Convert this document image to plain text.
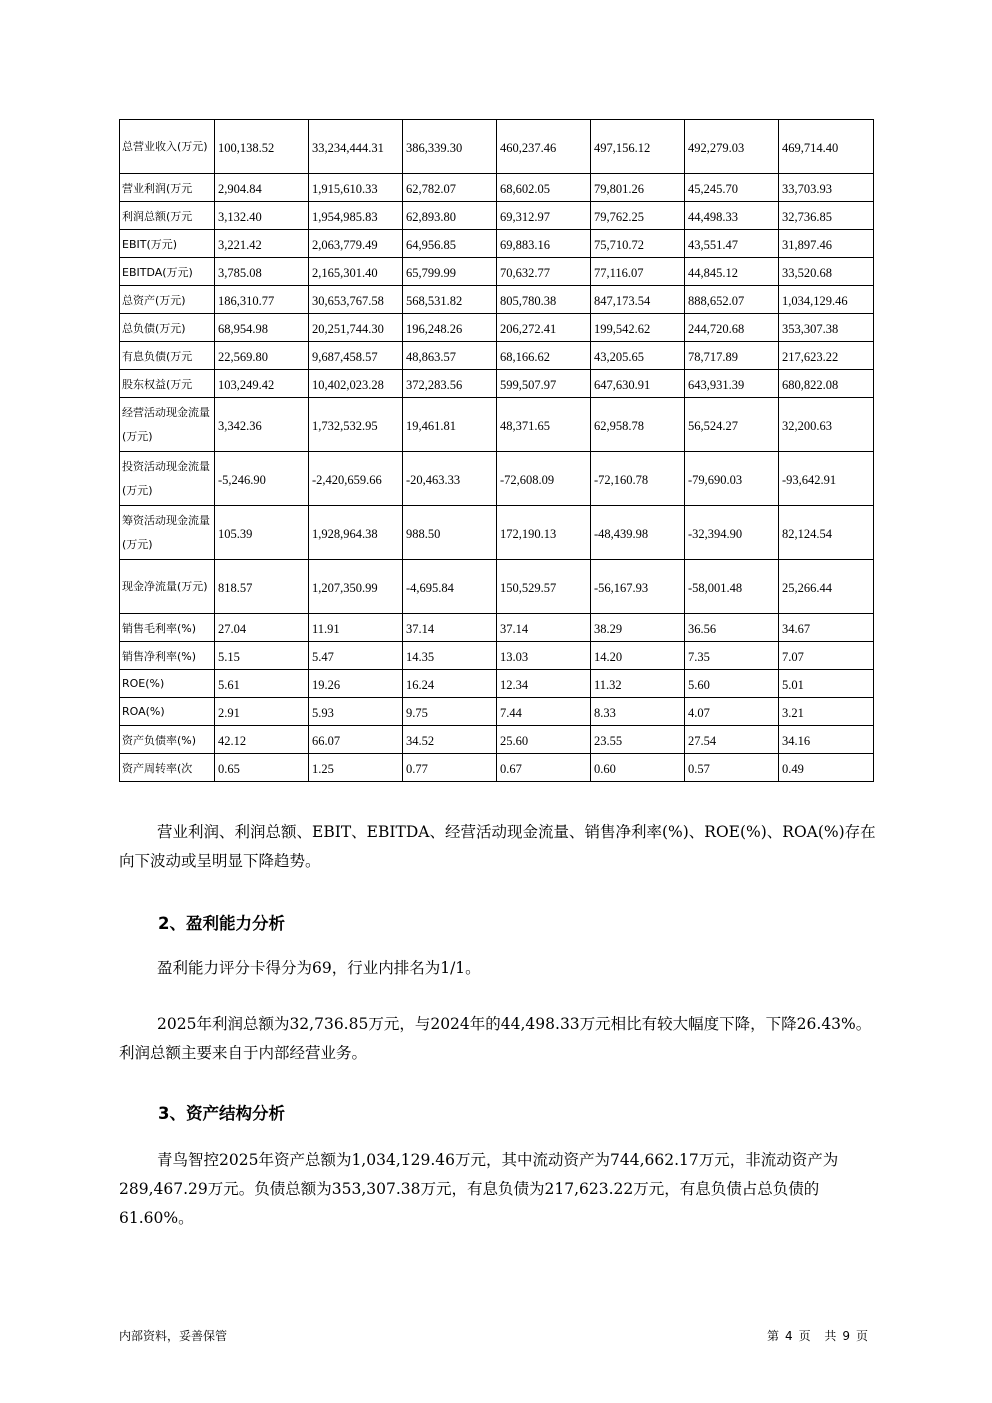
总营业收入(万元)	100,138.52	33,234,444.31	386,339.30	460,237.46	497,156.12	492,279.03	469,714.40
营业利润(万元	2,904.84	1,915,610.33	62,782.07	68,602.05	79,801.26	45,245.70	33,703.93
利润总额(万元	3,132.40	1,954,985.83	62,893.80	69,312.97	79,762.25	44,498.33	32,736.85
EBIT(万元)	3,221.42	2,063,779.49	64,956.85	69,883.16	75,710.72	43,551.47	31,897.46
EBITDA(万元)	3,785.08	2,165,301.40	65,799.99	70,632.77	77,116.07	44,845.12	33,520.68
总资产(万元)	186,310.77	30,653,767.58	568,531.82	805,780.38	847,173.54	888,652.07	1,034,129.46
总负债(万元)	68,954.98	20,251,744.30	196,248.26	206,272.41	199,542.62	244,720.68	353,307.38
有息负债(万元	22,569.80	9,687,458.57	48,863.57	68,166.62	43,205.65	78,717.89	217,623.22
股东权益(万元	103,249.42	10,402,023.28	372,283.56	599,507.97	647,630.91	643,931.39	680,822.08
经营活动现金流量(万元)	3,342.36	1,732,532.95	19,461.81	48,371.65	62,958.78	56,524.27	32,200.63
投资活动现金流量(万元)	-5,246.90	-2,420,659.66	-20,463.33	-72,608.09	-72,160.78	-79,690.03	-93,642.91
筹资活动现金流量(万元)	105.39	1,928,964.38	988.50	172,190.13	-48,439.98	-32,394.90	82,124.54
现金净流量(万元)	818.57	1,207,350.99	-4,695.84	150,529.57	-56,167.93	-58,001.48	25,266.44
销售毛利率(%)	27.04	11.91	37.14	37.14	38.29	36.56	34.67
销售净利率(%)	5.15	5.47	14.35	13.03	14.20	7.35	7.07
ROE(%)	5.61	19.26	16.24	12.34	11.32	5.60	5.01
ROA(%)	2.91	5.93	9.75	7.44	8.33	4.07	3.21
资产负债率(%)	42.12	66.07	34.52	25.60	23.55	27.54	34.16
资产周转率(次	0.65	1.25	0.77	0.67	0.60	0.57	0.49
营业利润、利润总额、EBIT、EBITDA、经营活动现金流量、销售净利率(%)、ROE(%)、ROA(%)存在向下波动或呈明显下降趋势。
2、盈利能力分析
盈利能力评分卡得分为69，行业内排名为1/1。
2025年利润总额为32,736.85万元，与2024年的44,498.33万元相比有较大幅度下降，下降26.43%。利润总额主要来自于内部经营业务。
3、资产结构分析
青鸟智控2025年资产总额为1,034,129.46万元，其中流动资产为744,662.17万元，非流动资产为289,467.29万元。负债总额为353,307.38万元，有息负债为217,623.22万元，有息负债占总负债的61.60%。
内部资料，妥善保管	第 4 页 共 9 页
